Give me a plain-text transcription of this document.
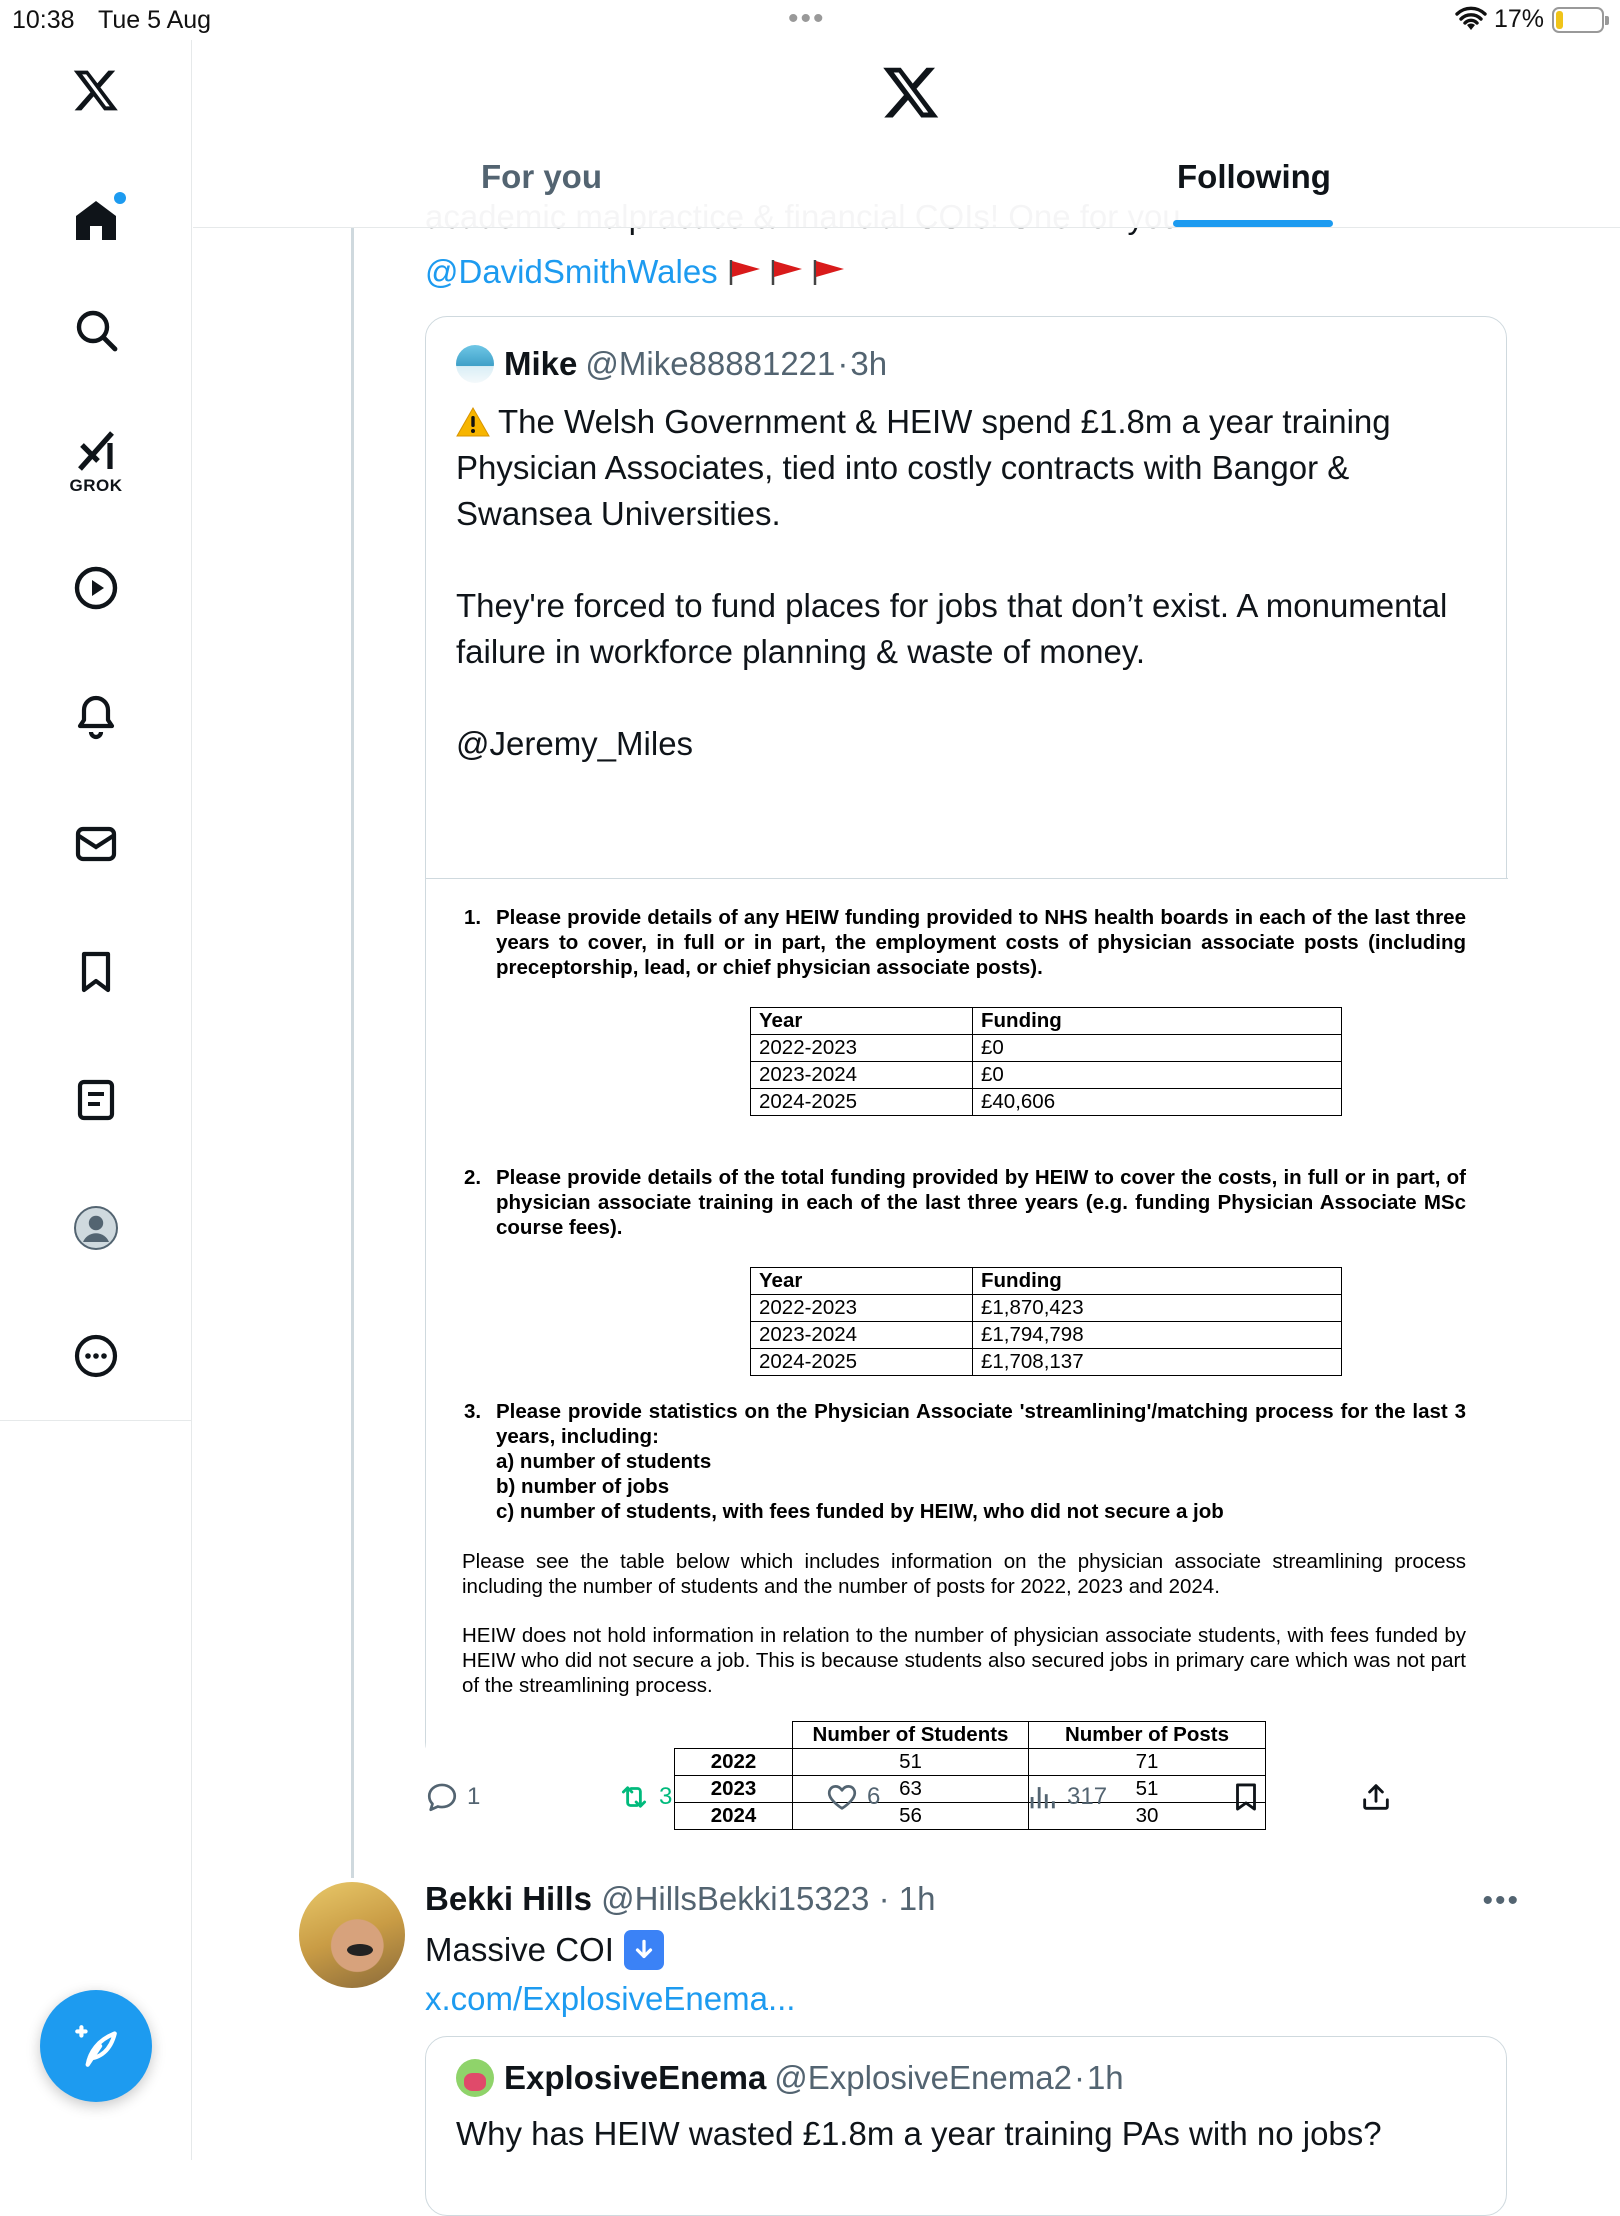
10:38 Tue 5 Aug	•••	17%
GROK
@DavidSmithWales
Mike @Mike88881221 · 3h

The Welsh Government & HEIW spend £1.8m a year training Physician Associates, tied into costly contracts with Bangor & Swansea Universities.

They're forced to fund places for jobs that don’t exist. A monumental failure in workforce planning & waste of money.

@Jeremy_Miles

1. Please provide details of any HEIW funding provided to NHS health boards in each of the last three years to cover, in full or in part, the employment costs of physician associate posts (including preceptorship, lead, or chief physician associate posts).
Year	Funding
2022-2023	£0
2023-2024	£0
2024-2025	£40,606
2. Please provide details of the total funding provided by HEIW to cover the costs, in full or in part, of physician associate training in each of the last three years (e.g. funding Physician Associate MSc course fees).
Year	Funding
2022-2023	£1,870,423
2023-2024	£1,794,798
2024-2025	£1,708,137
3. Please provide statistics on the Physician Associate 'streamlining'/matching process for the last 3 years, including:
a) number of students
b) number of jobs
c) number of students, with fees funded by HEIW, who did not secure a job
Please see the table below which includes information on the physician associate streamlining process including the number of students and the number of posts for 2022, 2023 and 2024.
HEIW does not hold information in relation to the number of physician associate students, with fees funded by HEIW who did not secure a job. This is because students also secured jobs in primary care which was not part of the streamlining process.
	Number of Students	Number of Posts
2022	51	71
2023	63	51
2024	56	30
1	3	6	317
Bekki Hills @HillsBekki15323 · 1h	•••
Massive COI
x.com/ExplosiveEnema...
ExplosiveEnema @ExplosiveEnema2 · 1h
Why has HEIW wasted £1.8m a year training PAs with no jobs?
For you	Following
